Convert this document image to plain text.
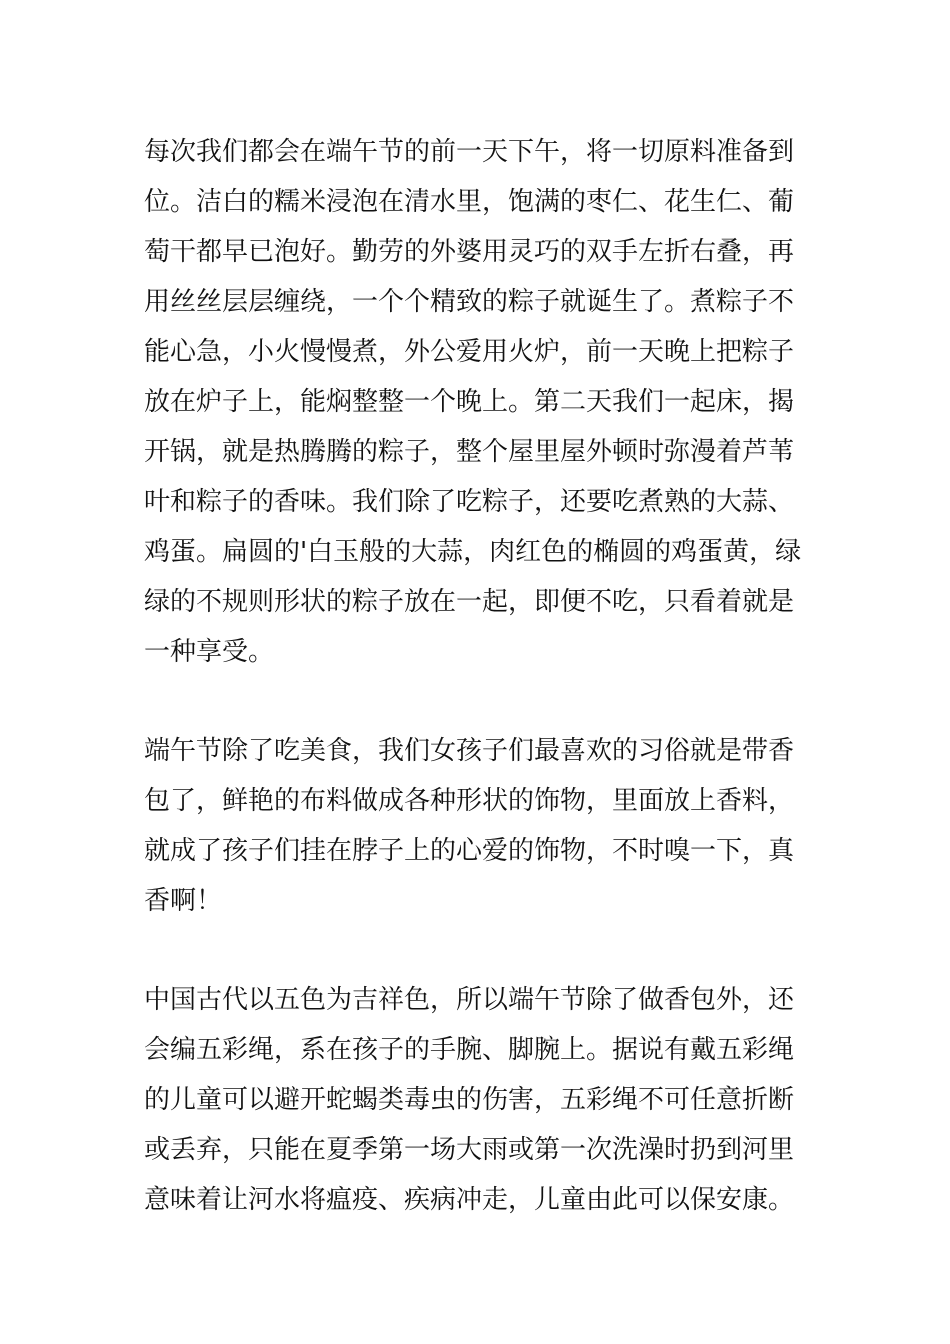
每次我们都会在端午节的前一天下午，将一切原料准备到
位。洁白的糯米浸泡在清水里，饱满的枣仁、花生仁、葡
萄干都早已泡好。勤劳的外婆用灵巧的双手左折右叠，再
用丝丝层层缠绕，一个个精致的粽子就诞生了。煮粽子不
能心急，小火慢慢煮，外公爱用火炉，前一天晚上把粽子
放在炉子上，能焖整整一个晚上。第二天我们一起床，揭
开锅，就是热腾腾的粽子，整个屋里屋外顿时弥漫着芦苇
叶和粽子的香味。我们除了吃粽子，还要吃煮熟的大蒜、
鸡蛋。扁圆的'白玉般的大蒜，肉红色的椭圆的鸡蛋黄，绿
绿的不规则形状的粽子放在一起，即便不吃，只看着就是
一种享受。
端午节除了吃美食，我们女孩子们最喜欢的习俗就是带香
包了，鲜艳的布料做成各种形状的饰物，里面放上香料，
就成了孩子们挂在脖子上的心爱的饰物，不时嗅一下，真
香啊！
中国古代以五色为吉祥色，所以端午节除了做香包外，还
会编五彩绳，系在孩子的手腕、脚腕上。据说有戴五彩绳
的儿童可以避开蛇蝎类毒虫的伤害，五彩绳不可任意折断
或丢弃，只能在夏季第一场大雨或第一次洗澡时扔到河里
意味着让河水将瘟疫、疾病冲走，儿童由此可以保安康。
